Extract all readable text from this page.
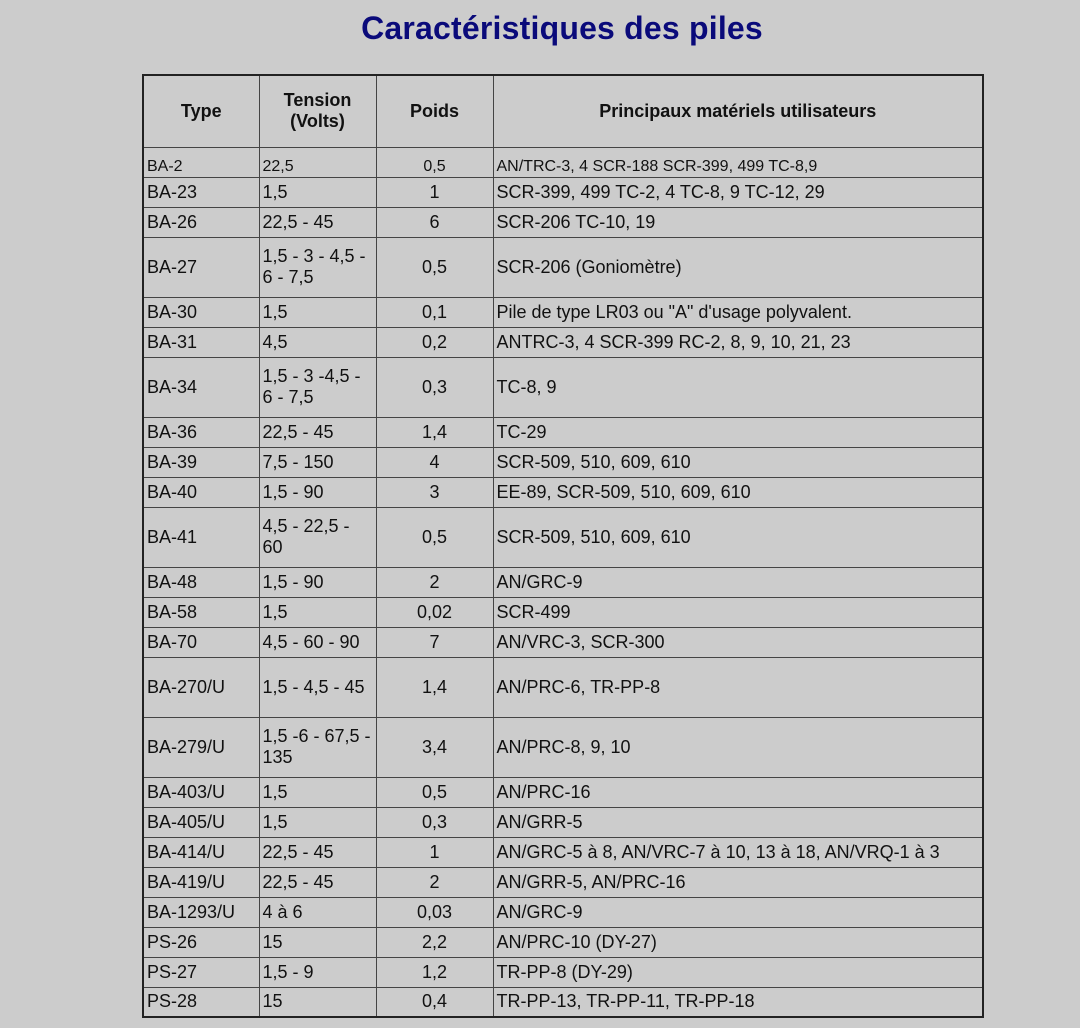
Caractéristiques des piles
Type	Tension (Volts)	Poids	Principaux matériels utilisateurs
BA-2	22,5	0,5	AN/TRC-3, 4 SCR-188 SCR-399, 499 TC-8,9
BA-23	1,5	1	SCR-399, 499 TC-2, 4 TC-8, 9 TC-12, 29
BA-26	22,5 - 45	6	SCR-206 TC-10, 19
BA-27	1,5 - 3 - 4,5 - 6 - 7,5	0,5	SCR-206 (Goniomètre)
BA-30	1,5	0,1	Pile de type LR03 ou "A" d'usage polyvalent.
BA-31	4,5	0,2	ANTRC-3, 4 SCR-399 RC-2, 8, 9, 10, 21, 23
BA-34	1,5 - 3 -4,5 - 6 - 7,5	0,3	TC-8, 9
BA-36	22,5 - 45	1,4	TC-29
BA-39	7,5 - 150	4	SCR-509, 510, 609, 610
BA-40	1,5 - 90	3	EE-89, SCR-509, 510, 609, 610
BA-41	4,5 - 22,5 - 60	0,5	SCR-509, 510, 609, 610
BA-48	1,5 - 90	2	AN/GRC-9
BA-58	1,5	0,02	SCR-499
BA-70	4,5 - 60 - 90	7	AN/VRC-3, SCR-300
BA-270/U	1,5 - 4,5 - 45	1,4	AN/PRC-6, TR-PP-8
BA-279/U	1,5 -6 - 67,5 - 135	3,4	AN/PRC-8, 9, 10
BA-403/U	1,5	0,5	AN/PRC-16
BA-405/U	1,5	0,3	AN/GRR-5
BA-414/U	22,5 - 45	1	AN/GRC-5 à 8, AN/VRC-7 à 10, 13 à 18, AN/VRQ-1 à 3
BA-419/U	22,5 - 45	2	AN/GRR-5, AN/PRC-16
BA-1293/U	4 à 6	0,03	AN/GRC-9
PS-26	15	2,2	AN/PRC-10 (DY-27)
PS-27	1,5 - 9	1,2	TR-PP-8 (DY-29)
PS-28	15	0,4	TR-PP-13, TR-PP-11, TR-PP-18
